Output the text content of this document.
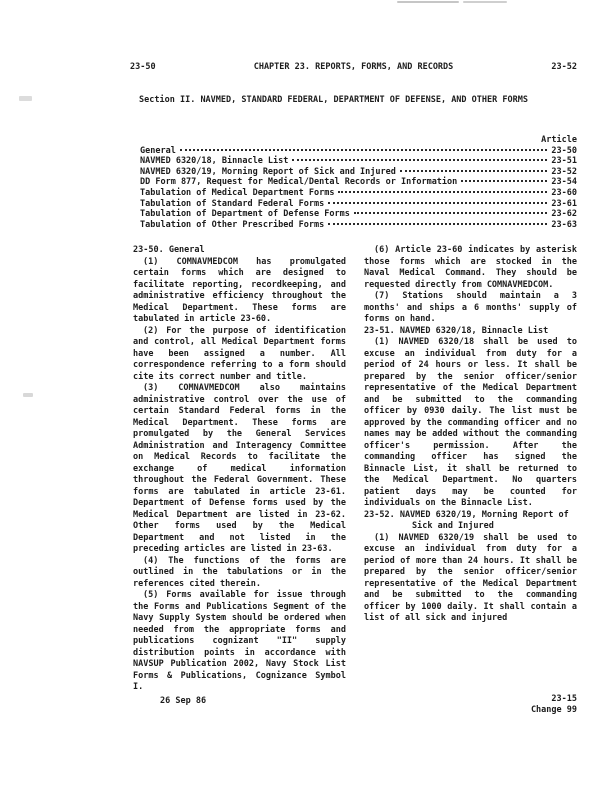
23-50	CHAPTER 23. REPORTS, FORMS, AND RECORDS	23-52
Section II. NAVMED, STANDARD FEDERAL, DEPARTMENT OF DEFENSE, AND OTHER FORMS
Article
General	23-50
NAVMED 6320/18, Binnacle List	23-51
NAVMED 6320/19, Morning Report of Sick and Injured	23-52
DD Form 877, Request for Medical/Dental Records or Information	23-54
Tabulation of Medical Department Forms	23-60
Tabulation of Standard Federal Forms	23-61
Tabulation of Department of Defense Forms	23-62
Tabulation of Other Prescribed Forms	23-63

23-50. General

(1) COMNAVMEDCOM has promulgated certain forms which are designed to facilitate reporting, recordkeeping, and administrative efficiency throughout the Medical Department. These forms are tabulated in article 23-60.

(2) For the purpose of identification and control, all Medical Department forms have been assigned a number. All correspondence referring to a form should cite its correct number and title.

(3) COMNAVMEDCOM also maintains administrative control over the use of certain Standard Federal forms in the Medical Department. These forms are promulgated by the General Services Administration and Interagency Committee on Medical Records to facilitate the exchange of medical information throughout the Federal Government. These forms are tabulated in article 23-61. Department of Defense forms used by the Medical Department are listed in 23-62. Other forms used by the Medical Department and not listed in the preceding articles are listed in 23-63.

(4) The functions of the forms are outlined in the tabulations or in the references cited therein.

(5) Forms available for issue through the Forms and Publications Segment of the Navy Supply System should be ordered when needed from the appropriate forms and publications cognizant "II" supply distribution points in accordance with NAVSUP Publication 2002, Navy Stock List Forms & Publications, Cognizance Symbol I.

(6) Article 23-60 indicates by asterisk those forms which are stocked in the Naval Medical Command. They should be requested directly from COMNAVMEDCOM.

(7) Stations should maintain a 3 months' and ships a 6 months' supply of forms on hand.

23-51. NAVMED 6320/18, Binnacle List

(1) NAVMED 6320/18 shall be used to excuse an individual from duty for a period of 24 hours or less. It shall be prepared by the senior officer/senior representative of the Medical Department and be submitted to the commanding officer by 0930 daily. The list must be approved by the commanding officer and no names may be added without the commanding officer's permission. After the commanding officer has signed the Binnacle List, it shall be returned to the Medical Department. No quarters patient days may be counted for individuals on the Binnacle List.

23-52. NAVMED 6320/19, Morning Report of

Sick and Injured

(1) NAVMED 6320/19 shall be used to excuse an individual from duty for a period of more than 24 hours. It shall be prepared by the senior officer/senior representative of the Medical Department and be submitted to the commanding officer by 1000 daily. It shall contain a list of all sick and injured

26 Sep 86	23-15
Change 99
